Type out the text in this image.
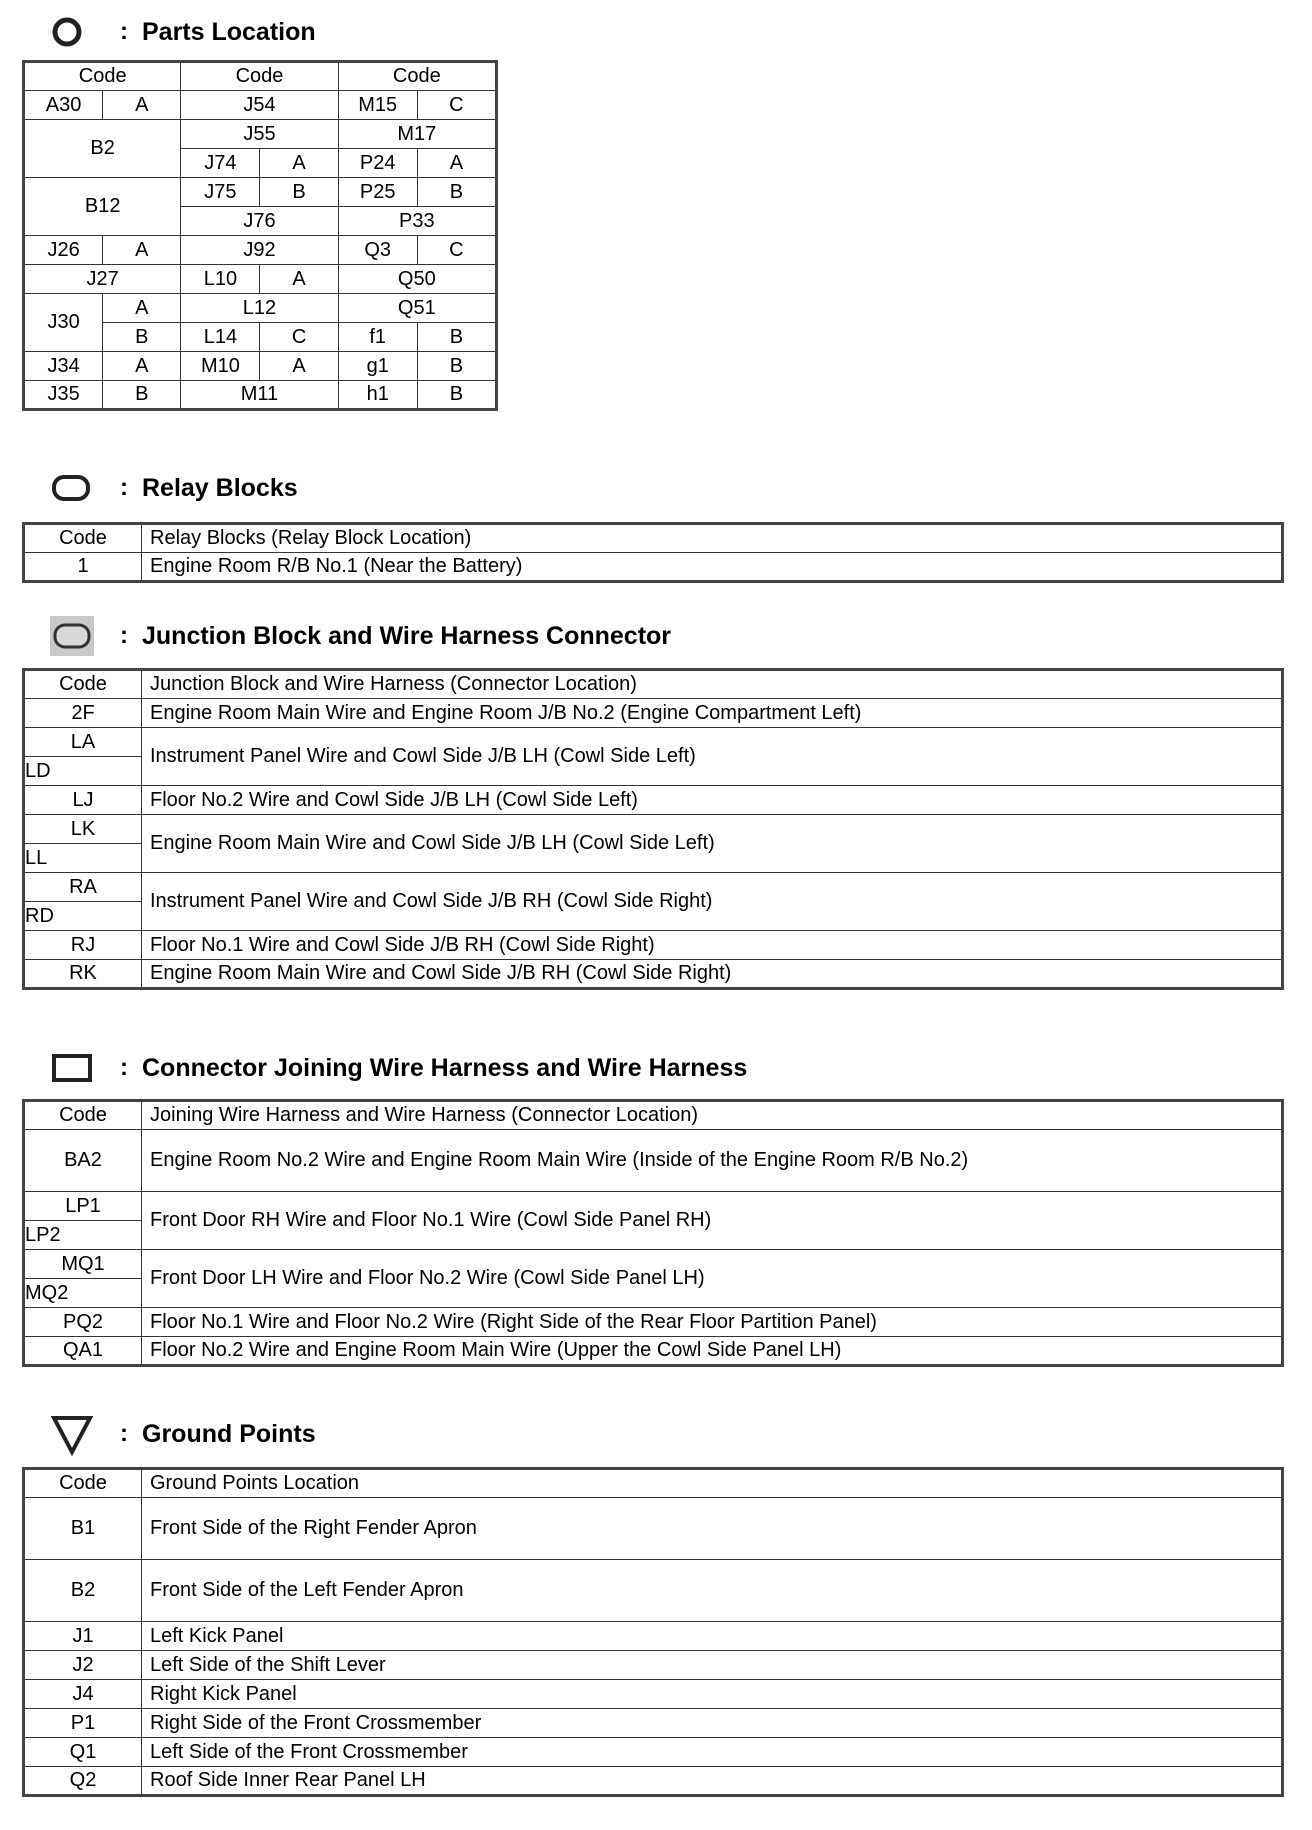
: Parts Location
Code		Code		Code	
A30	A	J54		M15	C
B2		J55		M17	
		J74	A	P24	A
B12		J75	B	P25	B
		J76		P33	
J26	A	J92		Q3	C
J27		L10	A	Q50	
J30	A	L12		Q51	
	B	L14	C	f1	B
J34	A	M10	A	g1	B
J35	B	M11		h1	B
: Relay Blocks
Code	Relay Blocks (Relay Block Location)
1	Engine Room R/B No.1 (Near the Battery)
: Junction Block and Wire Harness Connector
Code	Junction Block and Wire Harness (Connector Location)
2F	Engine Room Main Wire and Engine Room J/B No.2 (Engine Compartment Left)
LA	Instrument Panel Wire and Cowl Side J/B LH (Cowl Side Left)
LD	
LJ	Floor No.2 Wire and Cowl Side J/B LH (Cowl Side Left)
LK	Engine Room Main Wire and Cowl Side J/B LH (Cowl Side Left)
LL	
RA	Instrument Panel Wire and Cowl Side J/B RH (Cowl Side Right)
RD	
RJ	Floor No.1 Wire and Cowl Side J/B RH (Cowl Side Right)
RK	Engine Room Main Wire and Cowl Side J/B RH (Cowl Side Right)
: Connector Joining Wire Harness and Wire Harness
Code	Joining Wire Harness and Wire Harness (Connector Location)
BA2	Engine Room No.2 Wire and Engine Room Main Wire (Inside of the Engine Room R/B No.2)
LP1	Front Door RH Wire and Floor No.1 Wire (Cowl Side Panel RH)
LP2	
MQ1	Front Door LH Wire and Floor No.2 Wire (Cowl Side Panel LH)
MQ2	
PQ2	Floor No.1 Wire and Floor No.2 Wire (Right Side of the Rear Floor Partition Panel)
QA1	Floor No.2 Wire and Engine Room Main Wire (Upper the Cowl Side Panel LH)
: Ground Points
Code	Ground Points Location
B1	Front Side of the Right Fender Apron
B2	Front Side of the Left Fender Apron
J1	Left Kick Panel
J2	Left Side of the Shift Lever
J4	Right Kick Panel
P1	Right Side of the Front Crossmember
Q1	Left Side of the Front Crossmember
Q2	Roof Side Inner Rear Panel LH
